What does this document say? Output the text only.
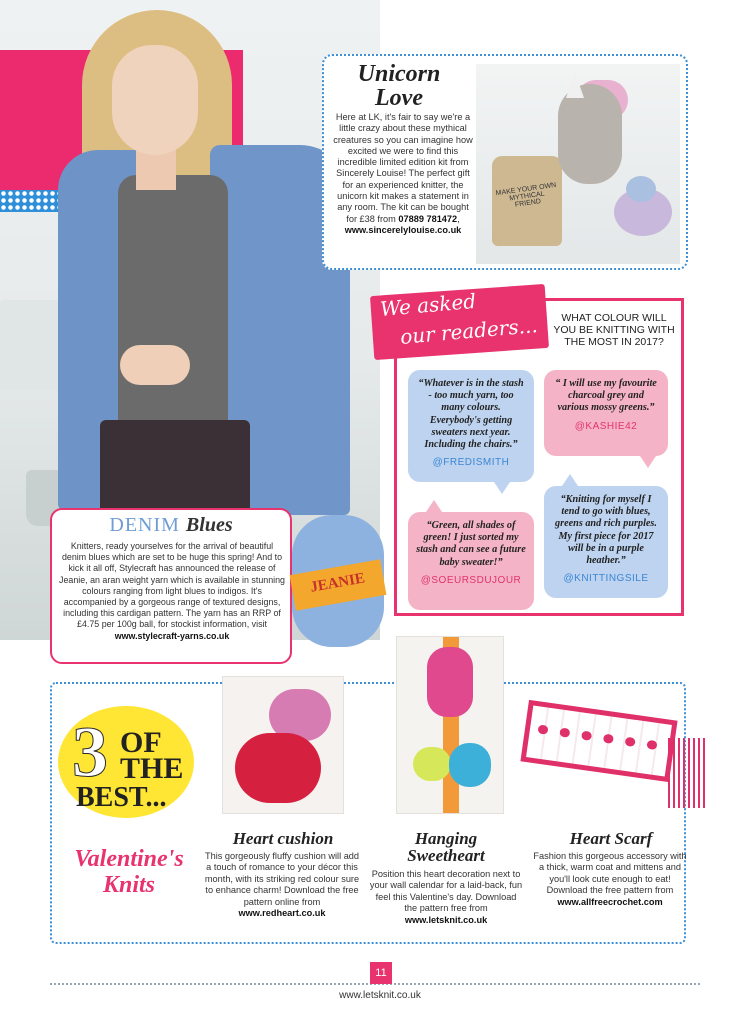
Unicorn
Love
Here at LK, it's fair to say we're a little crazy about these mythical creatures so you can imagine how excited we were to find this incredible limited edition kit from Sincerely Louise! The perfect gift for an experienced knitter, the unicorn kit makes a statement in any room. The kit can be bought for £38 from 07889 781472, www.sincerelylouise.co.uk
MAKE YOUR OWN MYTHICAL FRIEND
We asked
our readers...	WHAT COLOUR WILL YOU BE KNITTING WITH THE MOST IN 2017?
“Whatever is in the stash - too much yarn, too many colours. Everybody's getting sweaters next year. Including the chairs.”
@FREDISMITH
“ I will use my favourite charcoal grey and various mossy greens.”
@KASHIE42
“Green, all shades of green! I just sorted my stash and can see a future baby sweater!”
@SOEURSDUJOUR
“Knitting for myself I tend to go with blues, greens and rich purples. My first piece for 2017 will be in a purple heather.”
@KNITTINGSILE
DENIM Blues
Knitters, ready yourselves for the arrival of beautiful denim blues which are set to be huge this spring! And to kick it all off, Stylecraft has announced the release of Jeanie, an aran weight yarn which is available in stunning colours ranging from light blues to indigos. It's accompanied by a gorgeous range of textured designs, including this cardigan pattern. The yarn has an RRP of £4.75 per 100g ball, for stockist information, visit www.stylecraft-yarns.co.uk
JEANIE
3 OF
THE
BEST...
Valentine's
Knits
Heart cushion
This gorgeously fluffy cushion will add a touch of romance to your décor this month, with its striking red colour sure to enhance charm! Download the free pattern online from www.redheart.co.uk
Hanging
Sweetheart
Position this heart decoration next to your wall calendar for a laid-back, fun feel this Valentine's day. Download the pattern free from www.letsknit.co.uk
Heart Scarf
Fashion this gorgeous accessory with a thick, warm coat and mittens and you'll look cute enough to eat! Download the free pattern from www.allfreecrochet.com
11
www.letsknit.co.uk
